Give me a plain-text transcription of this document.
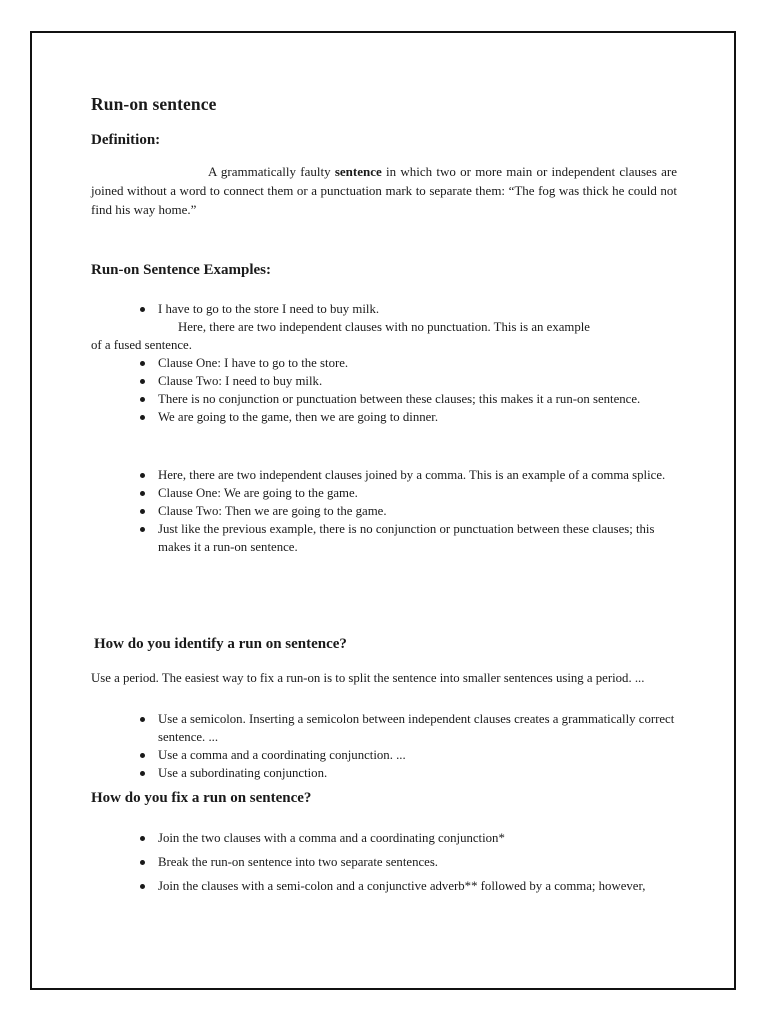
Run-on sentence
Definition:

A grammatically faulty sentence in which two or more main or independent clauses are joined without a word to connect them or a punctuation mark to separate them: “The fog was thick he could not find his way home.”

Run-on Sentence Examples:
I have to go to the store I need to buy milk.
Here, there are two independent clauses with no punctuation. This is an example
of a fused sentence.
Clause One: I have to go to the store.
Clause Two: I need to buy milk.
There is no conjunction or punctuation between these clauses; this makes it a run-on sentence.
We are going to the game, then we are going to dinner.
Here, there are two independent clauses joined by a comma. This is an example of a comma splice.
Clause One: We are going to the game.
Clause Two: Then we are going to the game.
Just like the previous example, there is no conjunction or punctuation between these clauses; this makes it a run-on sentence.
How do you identify a run on sentence?

Use a period. The easiest way to fix a run-on is to split the sentence into smaller sentences using a period. ...

Use a semicolon. Inserting a semicolon between independent clauses creates a grammatically correct sentence. ...
Use a comma and a coordinating conjunction. ...
Use a subordinating conjunction.
How do you fix a run on sentence?
Join the two clauses with a comma and a coordinating conjunction*
Break the run-on sentence into two separate sentences.
Join the clauses with a semi-colon and a conjunctive adverb** followed by a comma; however,
